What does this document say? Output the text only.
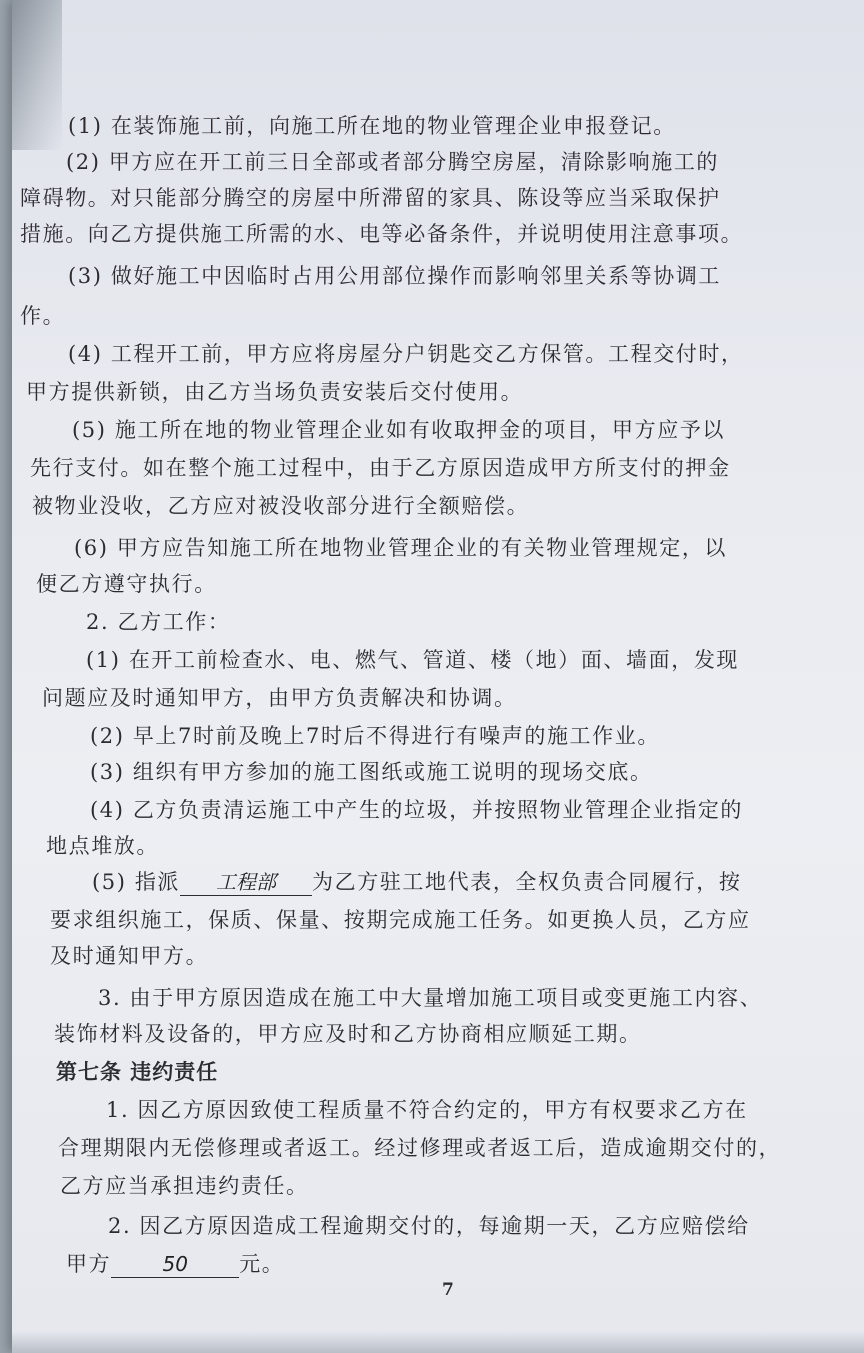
(1) 在装饰施工前，向施工所在地的物业管理企业申报登记。
(2) 甲方应在开工前三日全部或者部分腾空房屋，清除影响施工的
障碍物。对只能部分腾空的房屋中所滞留的家具、陈设等应当采取保护
措施。向乙方提供施工所需的水、电等必备条件，并说明使用注意事项。
(3) 做好施工中因临时占用公用部位操作而影响邻里关系等协调工
作。
(4) 工程开工前，甲方应将房屋分户钥匙交乙方保管。工程交付时，
甲方提供新锁，由乙方当场负责安装后交付使用。
(5) 施工所在地的物业管理企业如有收取押金的项目，甲方应予以
先行支付。如在整个施工过程中，由于乙方原因造成甲方所支付的押金
被物业没收，乙方应对被没收部分进行全额赔偿。
(6) 甲方应告知施工所在地物业管理企业的有关物业管理规定，以
便乙方遵守执行。
2. 乙方工作：
(1) 在开工前检查水、电、燃气、管道、楼（地）面、墙面，发现
问题应及时通知甲方，由甲方负责解决和协调。
(2) 早上7时前及晚上7时后不得进行有噪声的施工作业。
(3) 组织有甲方参加的施工图纸或施工说明的现场交底。
(4) 乙方负责清运施工中产生的垃圾，并按照物业管理企业指定的
地点堆放。
(5) 指派 工程部 为乙方驻工地代表，全权负责合同履行，按
要求组织施工，保质、保量、按期完成施工任务。如更换人员，乙方应
及时通知甲方。
3. 由于甲方原因造成在施工中大量增加施工项目或变更施工内容、
装饰材料及设备的，甲方应及时和乙方协商相应顺延工期。
第七条 违约责任
1. 因乙方原因致使工程质量不符合约定的，甲方有权要求乙方在
合理期限内无偿修理或者返工。经过修理或者返工后，造成逾期交付的，
乙方应当承担违约责任。
2. 因乙方原因造成工程逾期交付的，每逾期一天，乙方应赔偿给
甲方	50 元。
7
